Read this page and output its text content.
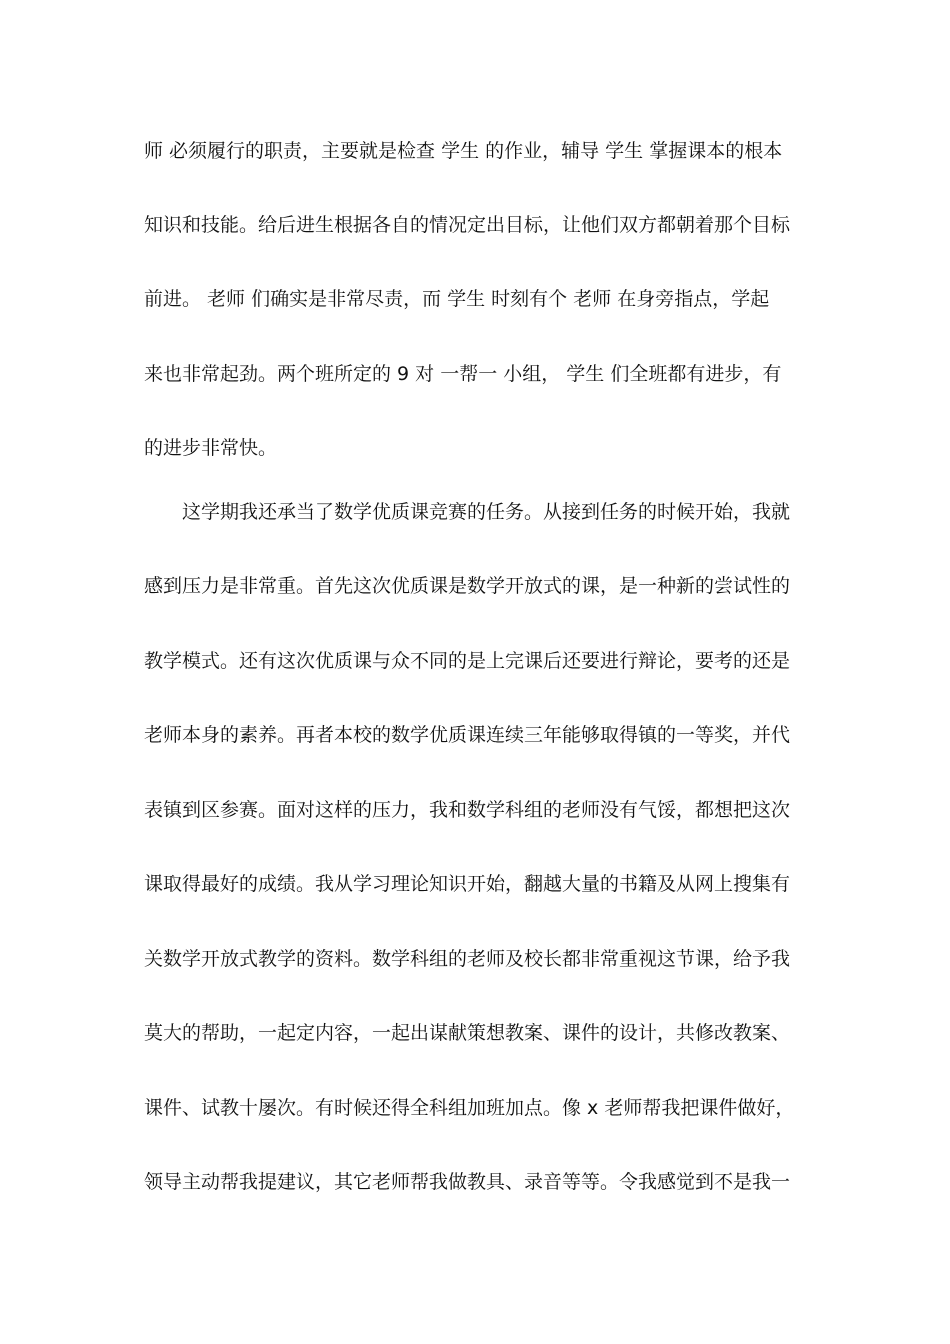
师 必须履行的职责，主要就是检查 学生 的作业，辅导 学生 掌握课本的根本
知识和技能。给后进生根据各自的情况定出目标，让他们双方都朝着那个目标
前进。 老师 们确实是非常尽责，而 学生 时刻有个 老师 在身旁指点，学起
来也非常起劲。两个班所定的 9 对 一帮一 小组， 学生 们全班都有进步，有
的进步非常快。
这学期我还承当了数学优质课竞赛的任务。从接到任务的时候开始，我就
感到压力是非常重。首先这次优质课是数学开放式的课，是一种新的尝试性的
教学模式。还有这次优质课与众不同的是上完课后还要进行辩论，要考的还是
老师本身的素养。再者本校的数学优质课连续三年能够取得镇的一等奖，并代
表镇到区参赛。面对这样的压力，我和数学科组的老师没有气馁，都想把这次
课取得最好的成绩。我从学习理论知识开始，翻越大量的书籍及从网上搜集有
关数学开放式教学的资料。数学科组的老师及校长都非常重视这节课，给予我
莫大的帮助，一起定内容，一起出谋献策想教案、课件的设计，共修改教案、
课件、试教十屡次。有时候还得全科组加班加点。像 x 老师帮我把课件做好，
领导主动帮我提建议，其它老师帮我做教具、录音等等。令我感觉到不是我一
